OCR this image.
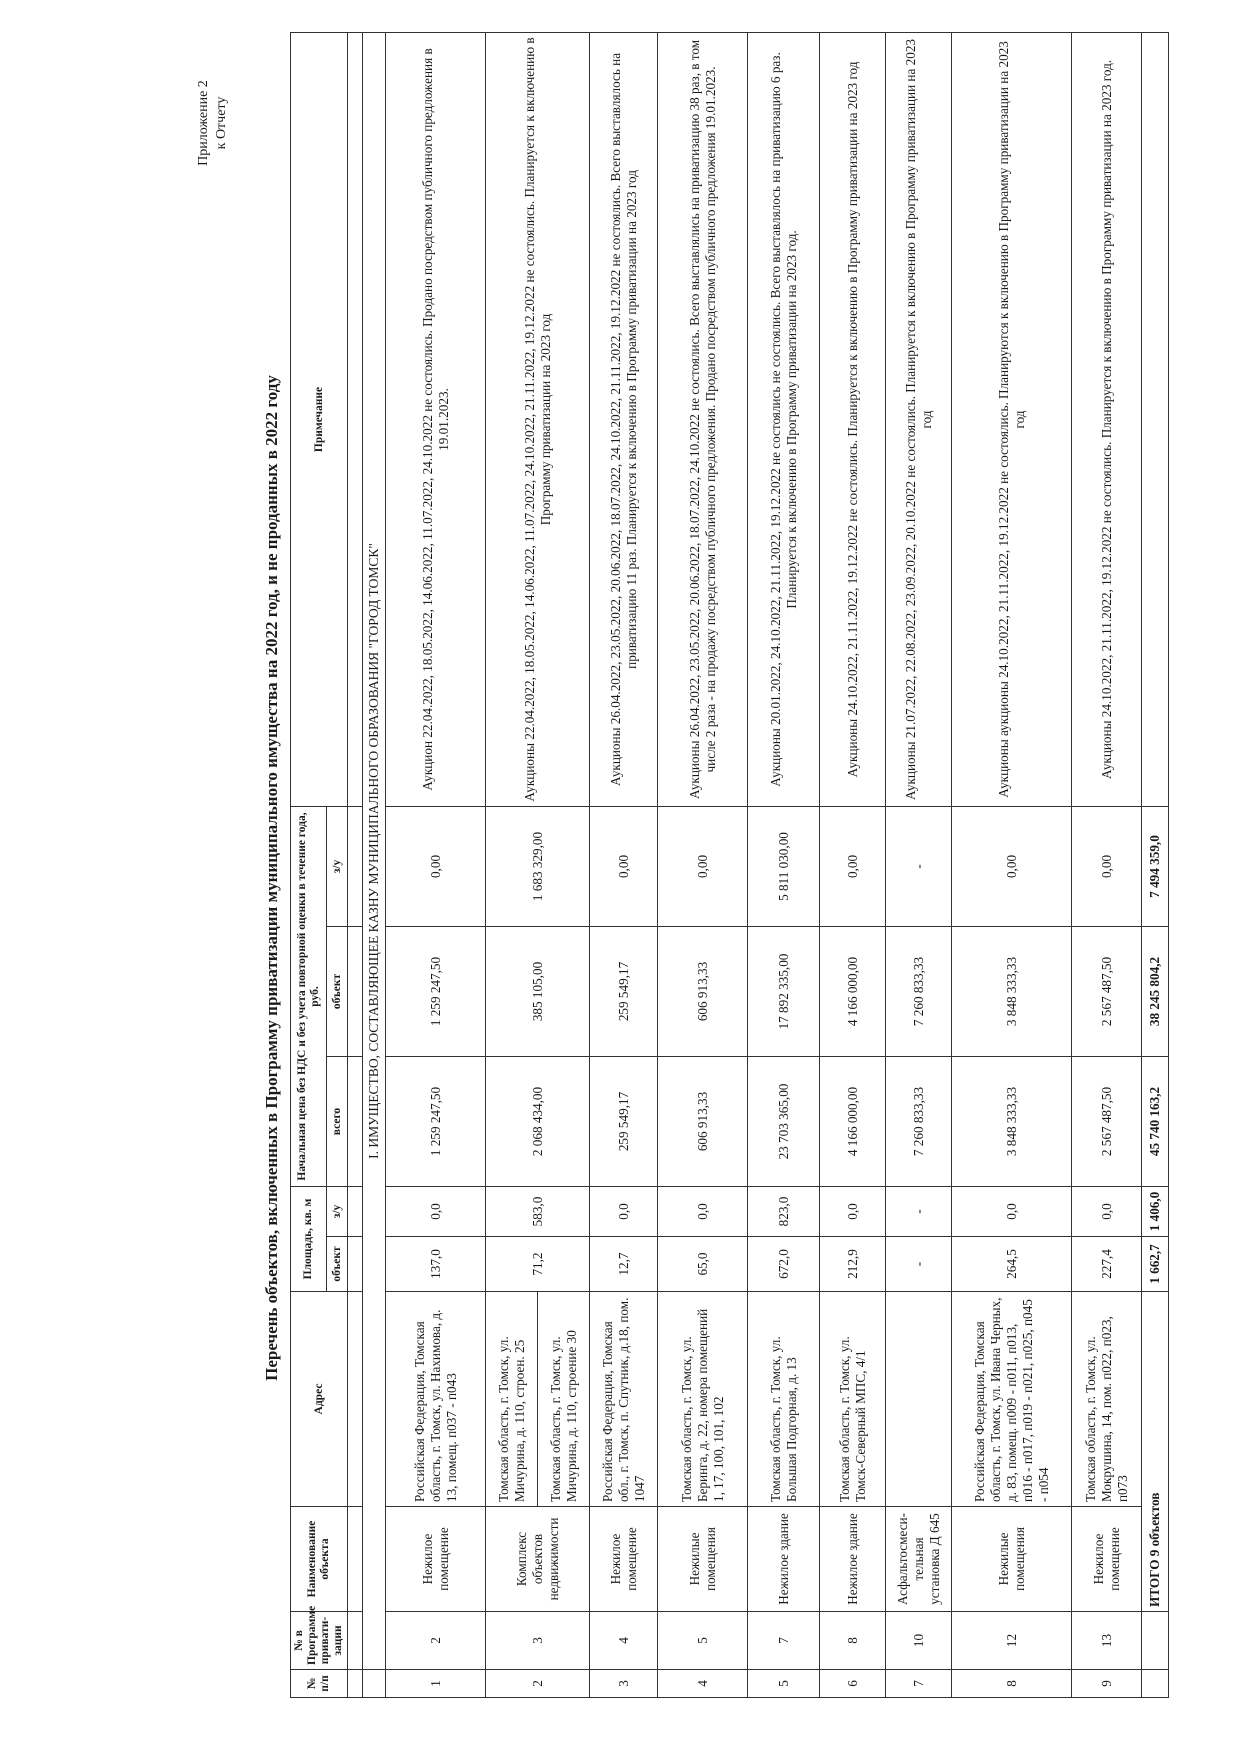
Приложение 2 к Отчету
Перечень объектов, включенных в Программу приватизации муниципального имущества на 2022 год, и не проданных в 2022 году
№ п/п	№ в Программе привати-зации	Наименование объекта	Адрес	Площадь, кв. м		Начальная цена без НДС и без учета повторной оценки в течение года, руб.			Примечание
				объект	з/у	всего	объект	з/у	

	I. ИМУЩЕСТВО, СОСТАВЛЯЮЩЕЕ КАЗНУ МУНИЦИПАЛЬНОГО ОБРАЗОВАНИЯ "ГОРОД ТОМСК"								
1	2	Нежилое помещение	Российская Федерация, Томская область, г. Томск, ул. Нахимова, д. 13, помещ. п037 - п043	137,0	0,0	1 259 247,50	1 259 247,50	0,00	Аукцион 22.04.2022, 18.05.2022, 14.06.2022, 11.07.2022, 24.10.2022 не состоялись. Продано посредством публичного предложения в 19.01.2023.
2	3	Комплекс объектов недвижимости	Томская область, г. Томск, ул. Мичурина, д. 110, строен. 25	71,2	583,0	2 068 434,00	385 105,00	1 683 329,00	Аукционы 22.04.2022, 18.05.2022, 14.06.2022, 11.07.2022, 24.10.2022, 21.11.2022, 19.12.2022 не состоялись. Планируется к включению в Программу приватизации на 2023 год
			Томская область, г. Томск, ул. Мичурина, д. 110, строение 30						
3	4	Нежилое помещение	Российская Федерация, Томская обл., г. Томск, п. Спутник, д.18, пом. 1047	12,7	0,0	259 549,17	259 549,17	0,00	Аукционы 26.04.2022, 23.05.2022, 20.06.2022, 18.07.2022, 24.10.2022, 21.11.2022, 19.12.2022 не состоялись. Всего выставлялось на приватизацию 11 раз. Планируется к включению в Программу приватизации на 2023 год
4	5	Нежилые помещения	Томская область, г. Томск, ул. Беринга, д. 22, номера помещений 1, 17, 100, 101, 102	65,0	0,0	606 913,33	606 913,33	0,00	Аукционы 26.04.2022, 23.05.2022, 20.06.2022, 18.07.2022, 24.10.2022 не состоялись. Всего выставлялись на приватизацию 38 раз, в том числе 2 раза - на продажу посредством публичного предложения. Продано посредством публичного предложения 19.01.2023.
5	7	Нежилое здание	Томская область, г. Томск, ул. Большая Подгорная, д. 13	672,0	823,0	23 703 365,00	17 892 335,00	5 811 030,00	Аукционы 20.01.2022, 24.10.2022, 21.11.2022, 19.12.2022 не состоялись не состоялись. Всего выставлялось на приватизацию 6 раз. Планируется к включению в Программу приватизации на 2023 год.
6	8	Нежилое здание	Томская область, г. Томск, ул. Томск-Северный МПС, 4/1	212,9	0,0	4 166 000,00	4 166 000,00	0,00	Аукционы 24.10.2022, 21.11.2022, 19.12.2022 не состоялись. Планируется к включению в Программу приватизации на 2023 год
7	10	Асфальтосмеси-тельная установка Д 645		-	-	7 260 833,33	7 260 833,33	-	Аукционы 21.07.2022, 22.08.2022, 23.09.2022, 20.10.2022 не состоялись. Планируется к включению в Программу приватизации на 2023 год
8	12	Нежилые помещения	Российская Федерация, Томская область, г. Томск, ул. Ивана Черных, д. 83, помещ. п009 - п011, п013, п016 - п017, п019 - п021, п025, п045 - п054	264,5	0,0	3 848 333,33	3 848 333,33	0,00	Аукционы аукционы 24.10.2022, 21.11.2022, 19.12.2022 не состоялись. Планируются к включению в Программу приватизации на 2023 год
9	13	Нежилое помещение	Томская область, г. Томск, ул. Мокрушина, 14, пом. п022, п023, п073	227,4	0,0	2 567 487,50	2 567 487,50	0,00	Аукционы 24.10.2022, 21.11.2022, 19.12.2022 не состоялись. Планируется к включению в Программу приватизации на 2023 год.
		ИТОГО 9 объектов		1 662,7	1 406,0	45 740 163,2	38 245 804,2	7 494 359,0	
